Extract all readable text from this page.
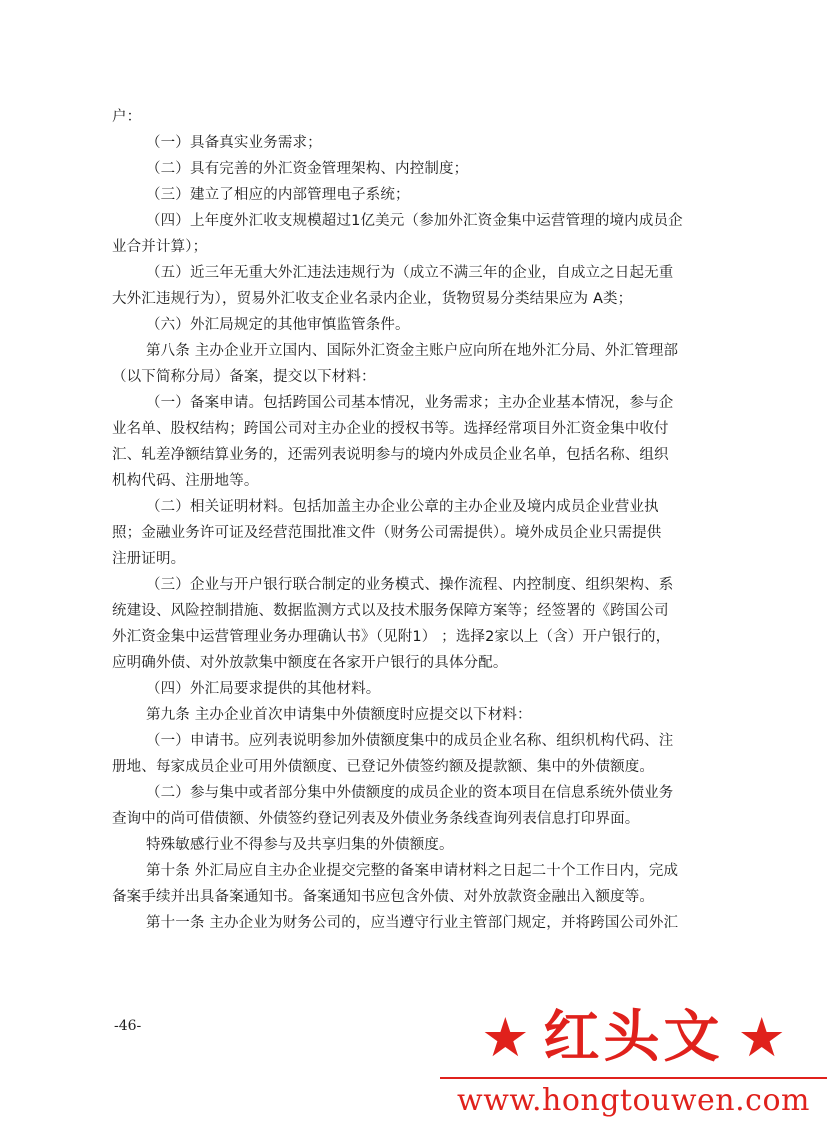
户：
（一）具备真实业务需求；
（二）具有完善的外汇资金管理架构、内控制度；
（三）建立了相应的内部管理电子系统；
（四）上年度外汇收支规模超过1亿美元（参加外汇资金集中运营管理的境内成员企
业合并计算）；
（五）近三年无重大外汇违法违规行为（成立不满三年的企业，自成立之日起无重
大外汇违规行为），贸易外汇收支企业名录内企业，货物贸易分类结果应为 A类；
（六）外汇局规定的其他审慎监管条件。
第八条 主办企业开立国内、国际外汇资金主账户应向所在地外汇分局、外汇管理部
（以下简称分局）备案，提交以下材料：
（一）备案申请。包括跨国公司基本情况，业务需求；主办企业基本情况，参与企
业名单、股权结构；跨国公司对主办企业的授权书等。选择经常项目外汇资金集中收付
汇、轧差净额结算业务的，还需列表说明参与的境内外成员企业名单，包括名称、组织
机构代码、注册地等。
（二）相关证明材料。包括加盖主办企业公章的主办企业及境内成员企业营业执
照；金融业务许可证及经营范围批准文件（财务公司需提供）。境外成员企业只需提供
注册证明。
（三）企业与开户银行联合制定的业务模式、操作流程、内控制度、组织架构、系
统建设、风险控制措施、数据监测方式以及技术服务保障方案等；经签署的《跨国公司
外汇资金集中运营管理业务办理确认书》（见附1） ；选择2家以上（含）开户银行的，
应明确外债、对外放款集中额度在各家开户银行的具体分配。
（四）外汇局要求提供的其他材料。
第九条 主办企业首次申请集中外债额度时应提交以下材料：
（一）申请书。应列表说明参加外债额度集中的成员企业名称、组织机构代码、注
册地、每家成员企业可用外债额度、已登记外债签约额及提款额、集中的外债额度。
（二）参与集中或者部分集中外债额度的成员企业的资本项目在信息系统外债业务
查询中的尚可借债额、外债签约登记列表及外债业务条线查询列表信息打印界面。
特殊敏感行业不得参与及共享归集的外债额度。
第十条 外汇局应自主办企业提交完整的备案申请材料之日起二十个工作日内，完成
备案手续并出具备案通知书。备案通知书应包含外债、对外放款资金融出入额度等。
第十一条 主办企业为财务公司的，应当遵守行业主管部门规定，并将跨国公司外汇
-46-	★ 红头文 ★
www.hongtouwen.com
